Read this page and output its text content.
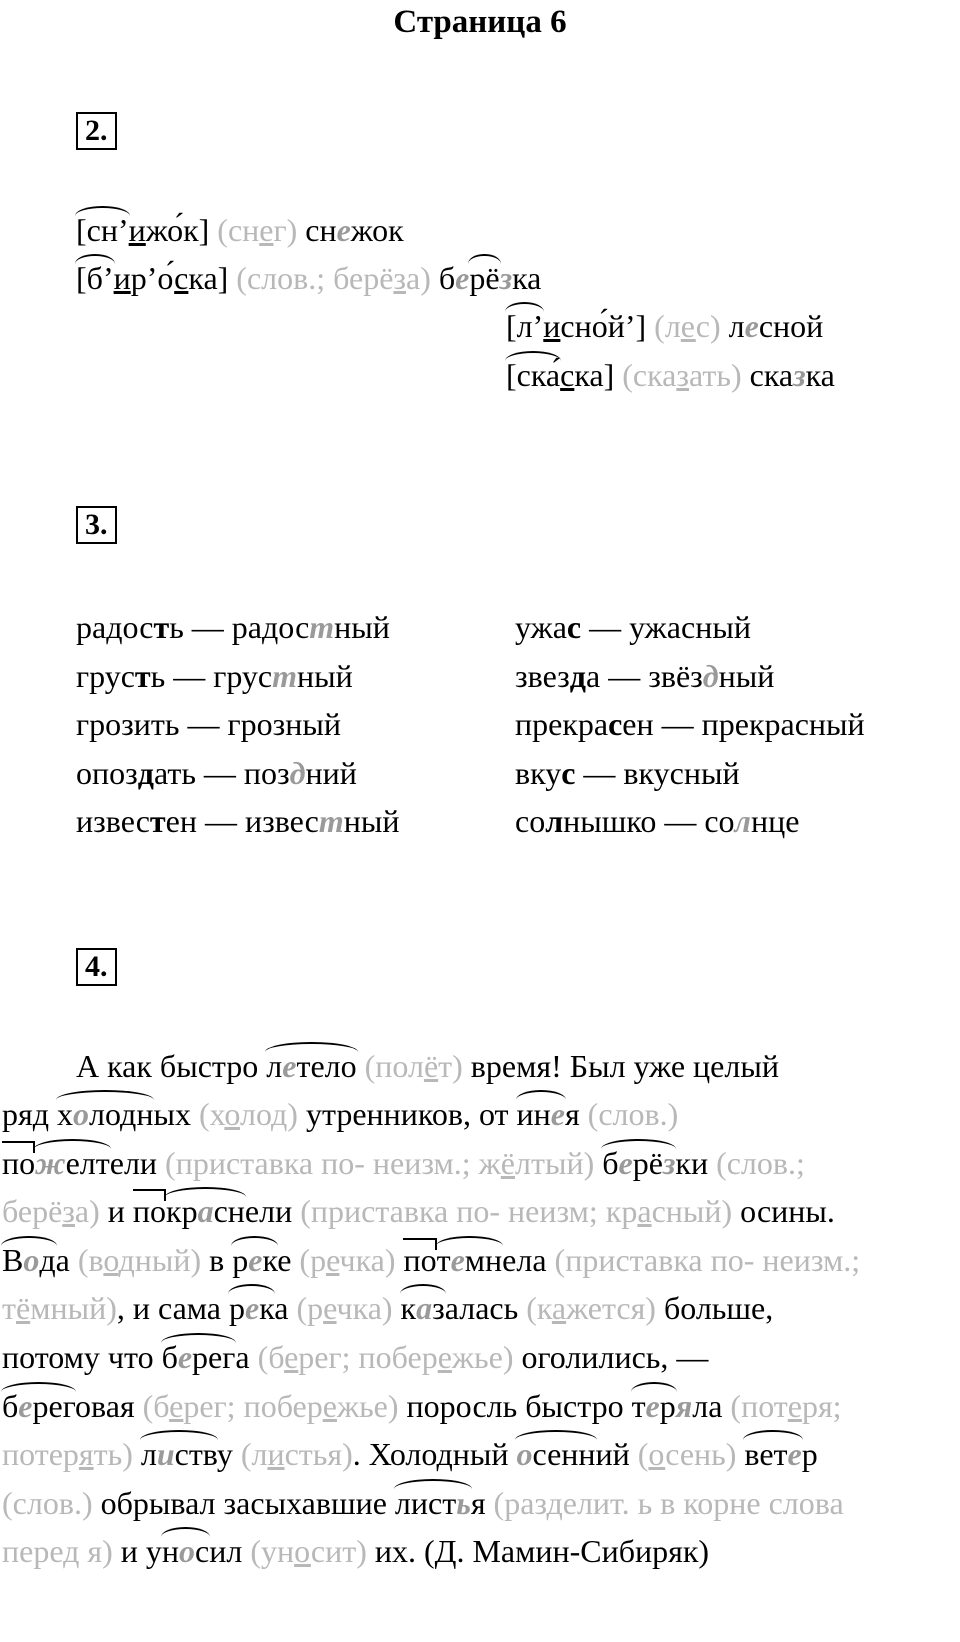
Страница 6
2.
[сн’ижо́к] (снег) снежок
[б’ир’о́ска] (слов.; берёза) берёзка
[л’исно́й’] (лес) лесной
[ска́ска] (сказать) сказка
3.
радость — радостный
грусть — грустный
грозить — грозный
опоздать — поздний
известен — известный
ужас — ужасный
звезда — звёздный
прекрасен — прекрасный
вкус — вкусный
солнышко — солнце
4.
А как быстро летело (полёт) время! Был уже целый
ряд холодных (холод) утренников, от инея (слов.)
пожелтели (приставка по- неизм.; жёлтый) берёзки (слов.;
берёза) и покраснели (приставка по- неизм; красный) осины.
Вода (водный) в реке (речка) потемнела (приставка по- неизм.;
тёмный), и сама река (речка) казалась (кажется) больше,
потому что берега (берег; побережье) оголились, —
береговая (берег; побережье) поросль быстро теряла (потеря;
потерять) листву (листья). Холодный осенний (осень) ветер
(слов.) обрывал засыхавшие листья (разделит. ь в корне слова
перед я) и уносил (уносит) их. (Д. Мамин-Сибиряк)
